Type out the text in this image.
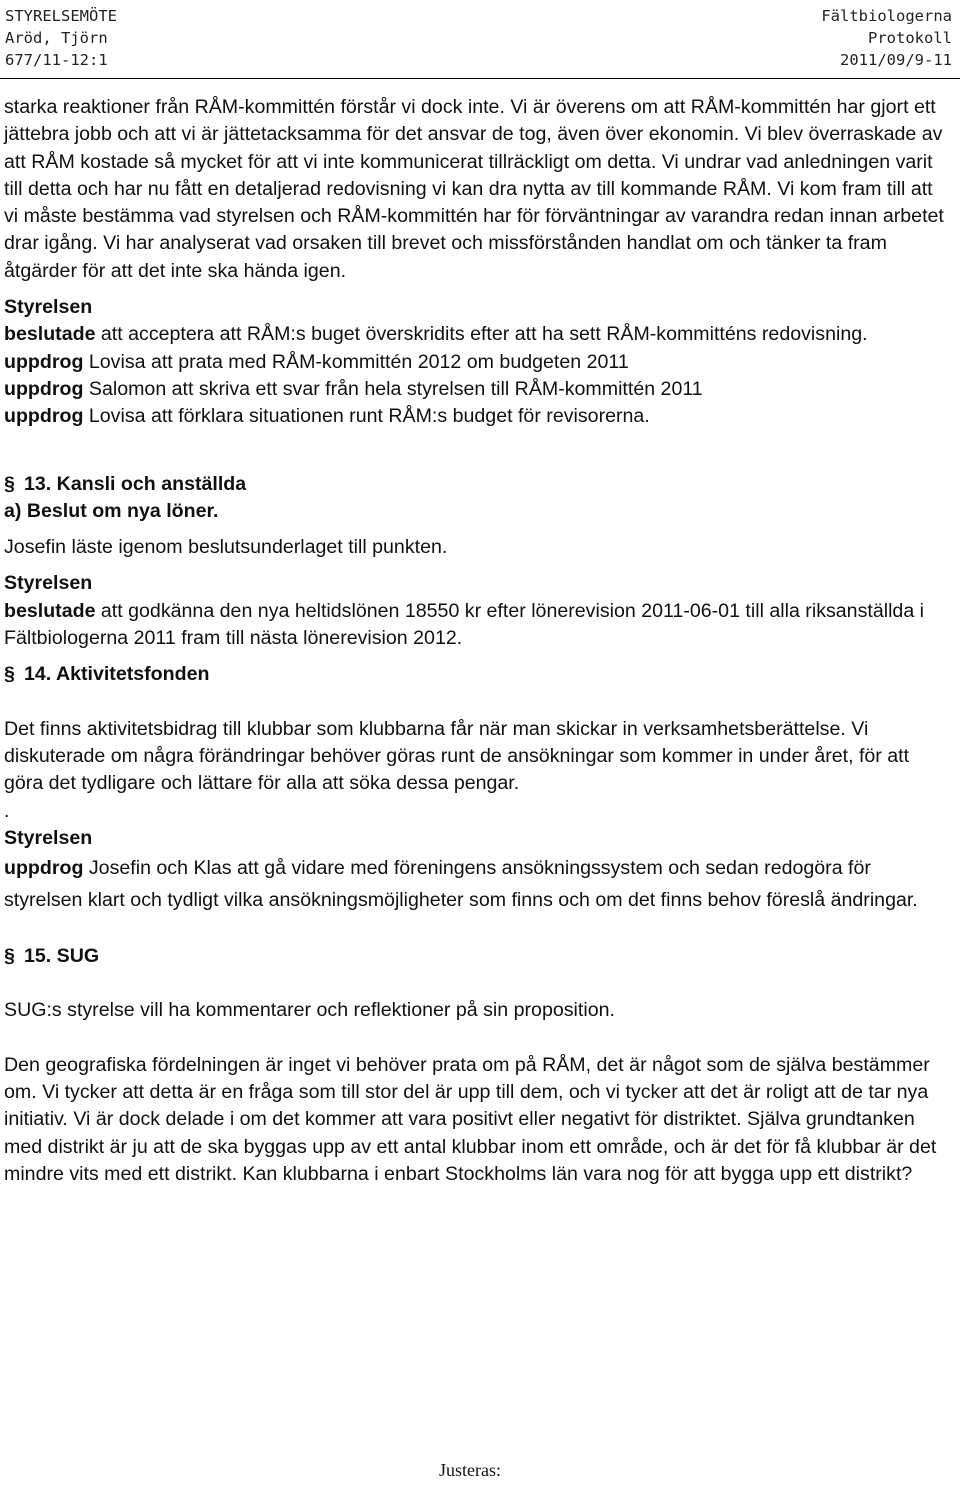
STYRELSEMÖTE	Fältbiologerna
Aröd, Tjörn	Protokoll
677/11-12:1	2011/09/9-11

starka reaktioner från RÅM-kommittén förstår vi dock inte. Vi är överens om att RÅM-kommittén har gjort ett jättebra jobb och att vi är jättetacksamma för det ansvar de tog, även över ekonomin. Vi blev överraskade av att RÅM kostade så mycket för att vi inte kommunicerat tillräckligt om detta. Vi undrar vad anledningen varit till detta och har nu fått en detaljerad redovisning vi kan dra nytta av till kommande RÅM. Vi kom fram till att vi måste bestämma vad styrelsen och RÅM-kommittén har för förväntningar av varandra redan innan arbetet drar igång. Vi har analyserat vad orsaken till brevet och missförstånden handlat om och tänker ta fram åtgärder för att det inte ska hända igen.

Styrelsen

beslutade att acceptera att RÅM:s buget överskridits efter att ha sett RÅM-kommitténs redovisning.

uppdrog Lovisa att prata med RÅM-kommittén 2012 om budgeten 2011

uppdrog Salomon att skriva ett svar från hela styrelsen till RÅM-kommittén 2011

uppdrog Lovisa att förklara situationen runt RÅM:s budget för revisorerna.

§ 13. Kansli och anställda

a) Beslut om nya löner.

Josefin läste igenom beslutsunderlaget till punkten.

Styrelsen

beslutade att godkänna den nya heltidslönen 18550 kr efter lönerevision 2011-06-01 till alla riksanställda i Fältbiologerna 2011 fram till nästa lönerevision 2012.

§ 14. Aktivitetsfonden

Det finns aktivitetsbidrag till klubbar som klubbarna får när man skickar in verksamhetsberättelse. Vi diskuterade om några förändringar behöver göras runt de ansökningar som kommer in under året, för att göra det tydligare och lättare för alla att söka dessa pengar.

.

Styrelsen

uppdrog Josefin och Klas att gå vidare med föreningens ansökningssystem och sedan redogöra för styrelsen klart och tydligt vilka ansökningsmöjligheter som finns och om det finns behov föreslå ändringar.

§ 15. SUG

SUG:s styrelse vill ha kommentarer och reflektioner på sin proposition.

Den geografiska fördelningen är inget vi behöver prata om på RÅM, det är något som de själva bestämmer om. Vi tycker att detta är en fråga som till stor del är upp till dem, och vi tycker att det är roligt att de tar nya initiativ. Vi är dock delade i om det kommer att vara positivt eller negativt för distriktet. Själva grundtanken med distrikt är ju att de ska byggas upp av ett antal klubbar inom ett område, och är det för få klubbar är det mindre vits med ett distrikt. Kan klubbarna i enbart Stockholms län vara nog för att bygga upp ett distrikt?

Justeras:
